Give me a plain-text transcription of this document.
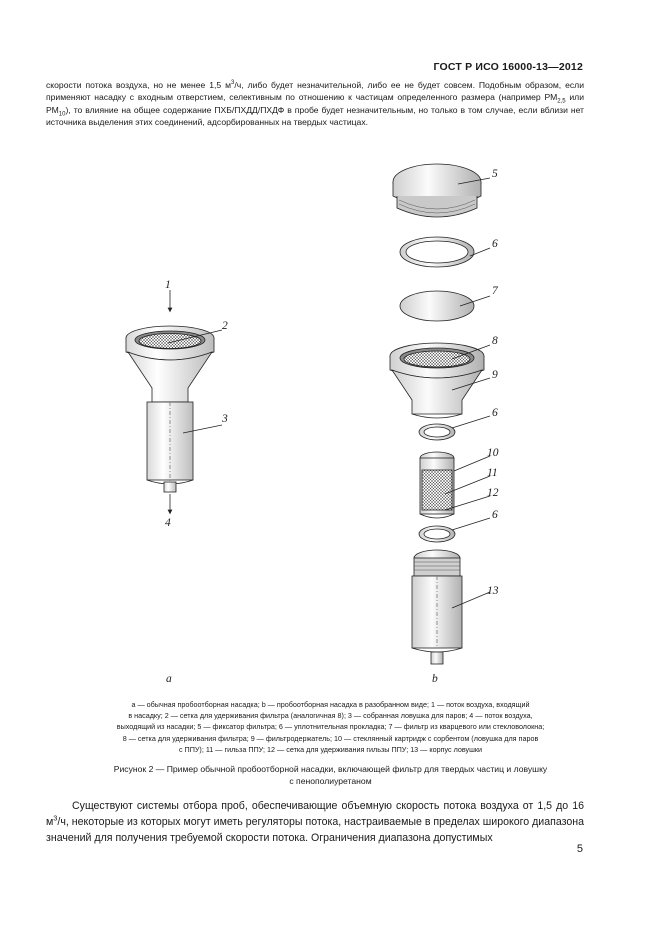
ГОСТ Р ИСО 16000-13—2012

скорости потока воздуха, но не менее 1,5 $м^3/ч$, либо будет незначительной, либо ее не будет совсем. Подобным образом, если применяют насадку с входным отверстием, селективным по отношению к частицам определенного размера (например $РМ_{2,5}$ или $РМ_{10}$), то влияние на общее содержание ПХБ/ПХДД/ПХДФ в пробе будет незначительным, но только в том случае, если вблизи нет источника выделения этих соединений, адсорбированных на твердых частицах.

1
2
3
4
5
6
7
8
9
6
10
11
12
6
13
a	b
a — обычная пробоотборная насадка; b — пробоотборная насадка в разобранном виде; 1 — поток воздуха, входящий
в насадку; 2 — сетка для удерживания фильтра (аналогичная 8); 3 — собранная ловушка для паров; 4 — поток воздуха,
выходящий из насадки; 5 — фиксатор фильтра; 6 — уплотнительная прокладка; 7 — фильтр из кварцевого или стекловолокна;
8 — сетка для удерживания фильтра; 9 — фильтродержатель; 10 — стеклянный картридж с сорбентом (ловушка для паров
с ППУ); 11 — гильза ППУ; 12 — сетка для удерживания гильзы ППУ; 13 — корпус ловушки
Рисунок 2 — Пример обычной пробоотборной насадки, включающей фильтр для твердых частиц и ловушку
с пенополиуретаном

Существуют системы отбора проб, обеспечивающие объемную скорость потока воздуха от 1,5 до 16 $м^3/ч$, некоторые из которых могут иметь регуляторы потока, настраиваемые в пределах широкого диапазона значений для получения требуемой скорости потока. Ограничения диапазона допустимых

5
